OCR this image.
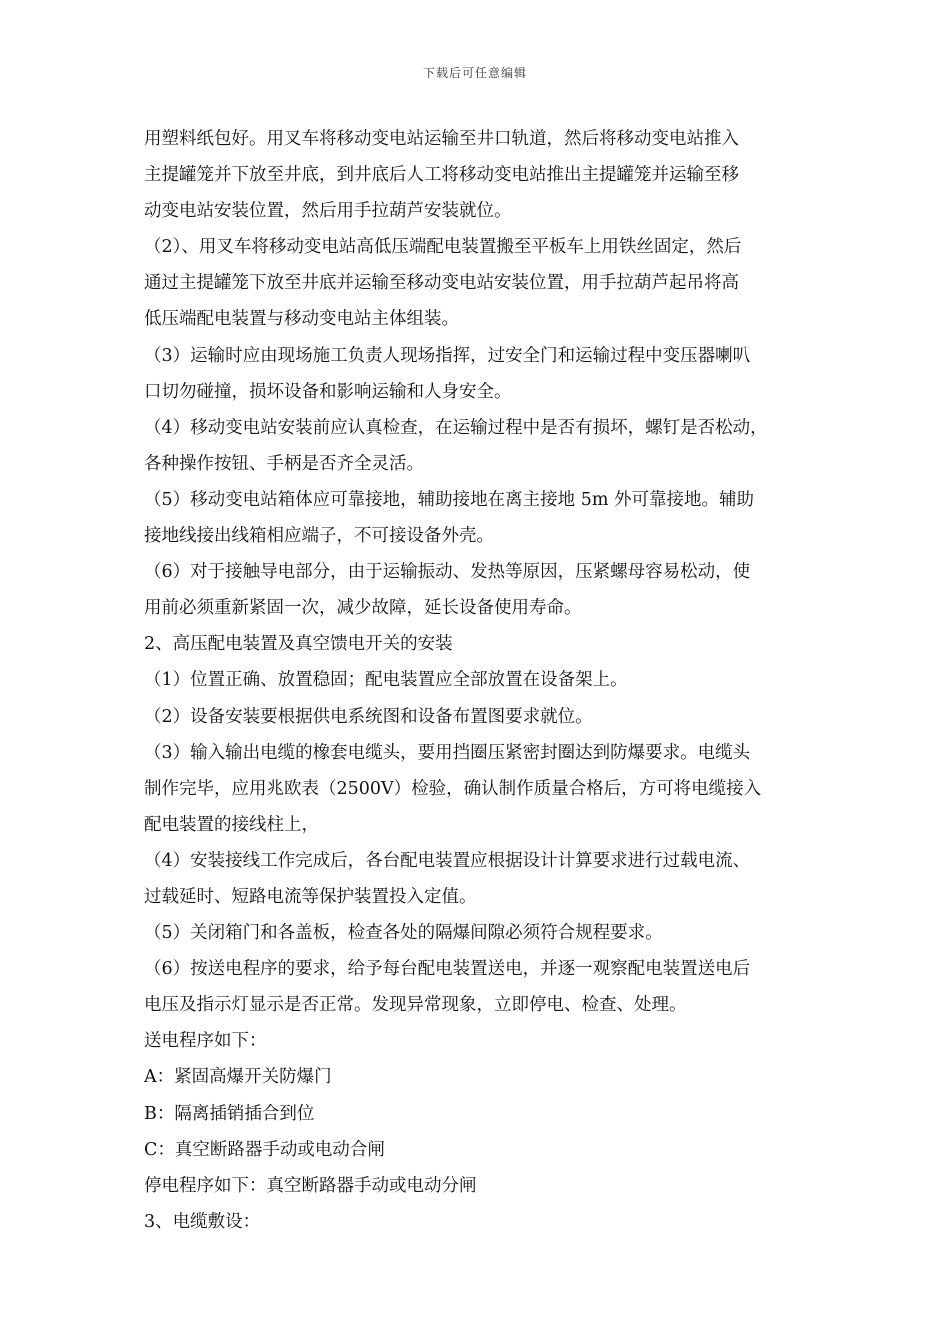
下载后可任意编辑
用塑料纸包好。用叉车将移动变电站运输至井口轨道，然后将移动变电站推入
主提罐笼并下放至井底，到井底后人工将移动变电站推出主提罐笼并运输至移
动变电站安装位置，然后用手拉葫芦安装就位。
（2）、用叉车将移动变电站高低压端配电装置搬至平板车上用铁丝固定，然后
通过主提罐笼下放至井底并运输至移动变电站安装位置，用手拉葫芦起吊将高
低压端配电装置与移动变电站主体组装。
（3）运输时应由现场施工负责人现场指挥，过安全门和运输过程中变压器喇叭
口切勿碰撞，损坏设备和影响运输和人身安全。
（4）移动变电站安装前应认真检查，在运输过程中是否有损坏，螺钉是否松动，
各种操作按钮、手柄是否齐全灵活。
（5）移动变电站箱体应可靠接地，辅助接地在离主接地 5m 外可靠接地。辅助
接地线接出线箱相应端子，不可接设备外壳。
（6）对于接触导电部分，由于运输振动、发热等原因，压紧螺母容易松动，使
用前必须重新紧固一次，减少故障，延长设备使用寿命。
2、高压配电装置及真空馈电开关的安装
（1）位置正确、放置稳固；配电装置应全部放置在设备架上。
（2）设备安装要根据供电系统图和设备布置图要求就位。
（3）输入输出电缆的橡套电缆头，要用挡圈压紧密封圈达到防爆要求。电缆头
制作完毕，应用兆欧表（2500V）检验，确认制作质量合格后，方可将电缆接入
配电装置的接线柱上，
（4）安装接线工作完成后，各台配电装置应根据设计计算要求进行过载电流、
过载延时、短路电流等保护装置投入定值。
（5）关闭箱门和各盖板，检查各处的隔爆间隙必须符合规程要求。
（6）按送电程序的要求，给予每台配电装置送电，并逐一观察配电装置送电后
电压及指示灯显示是否正常。发现异常现象，立即停电、检查、处理。
送电程序如下：
A：紧固高爆开关防爆门
B：隔离插销插合到位
C：真空断路器手动或电动合闸
停电程序如下：真空断路器手动或电动分闸
3、电缆敷设：
